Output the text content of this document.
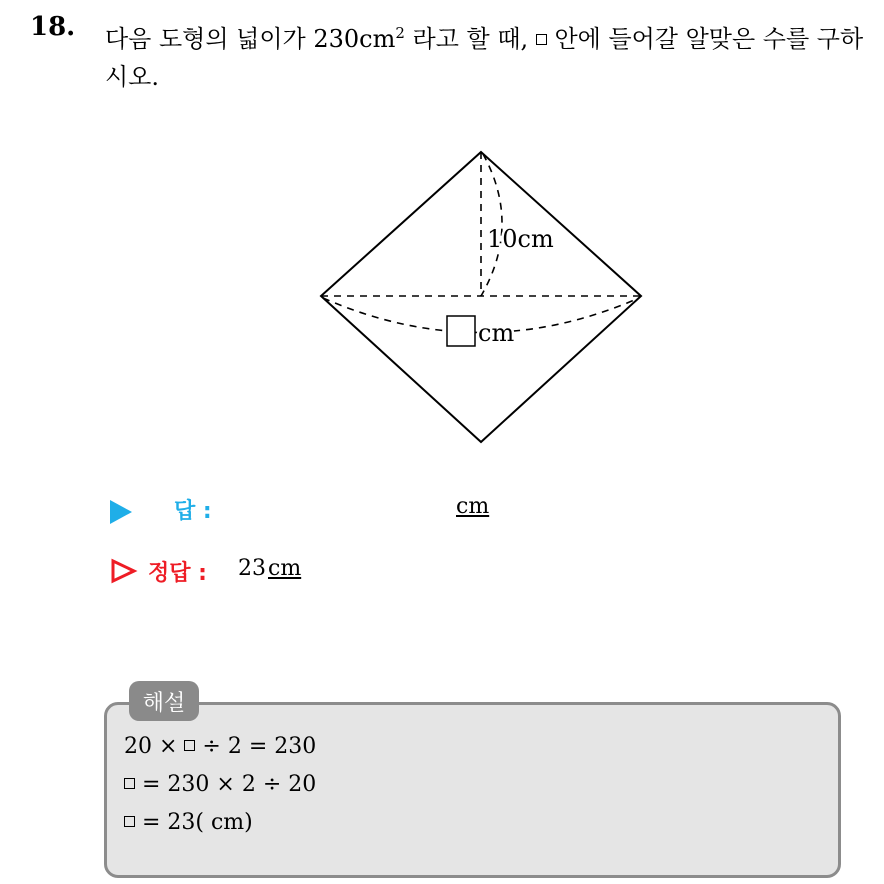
18. 다음 도형의 넓이가 $230cm^2$ 라고 할 때,  안에 들어갈 알맞은 수를 구하시오.
10cm
cm
답 :	cm
정답 : 23cm
해설
20 ×  ÷ 2 = 230
= 230 × 2 ÷ 20
= 23( cm)
